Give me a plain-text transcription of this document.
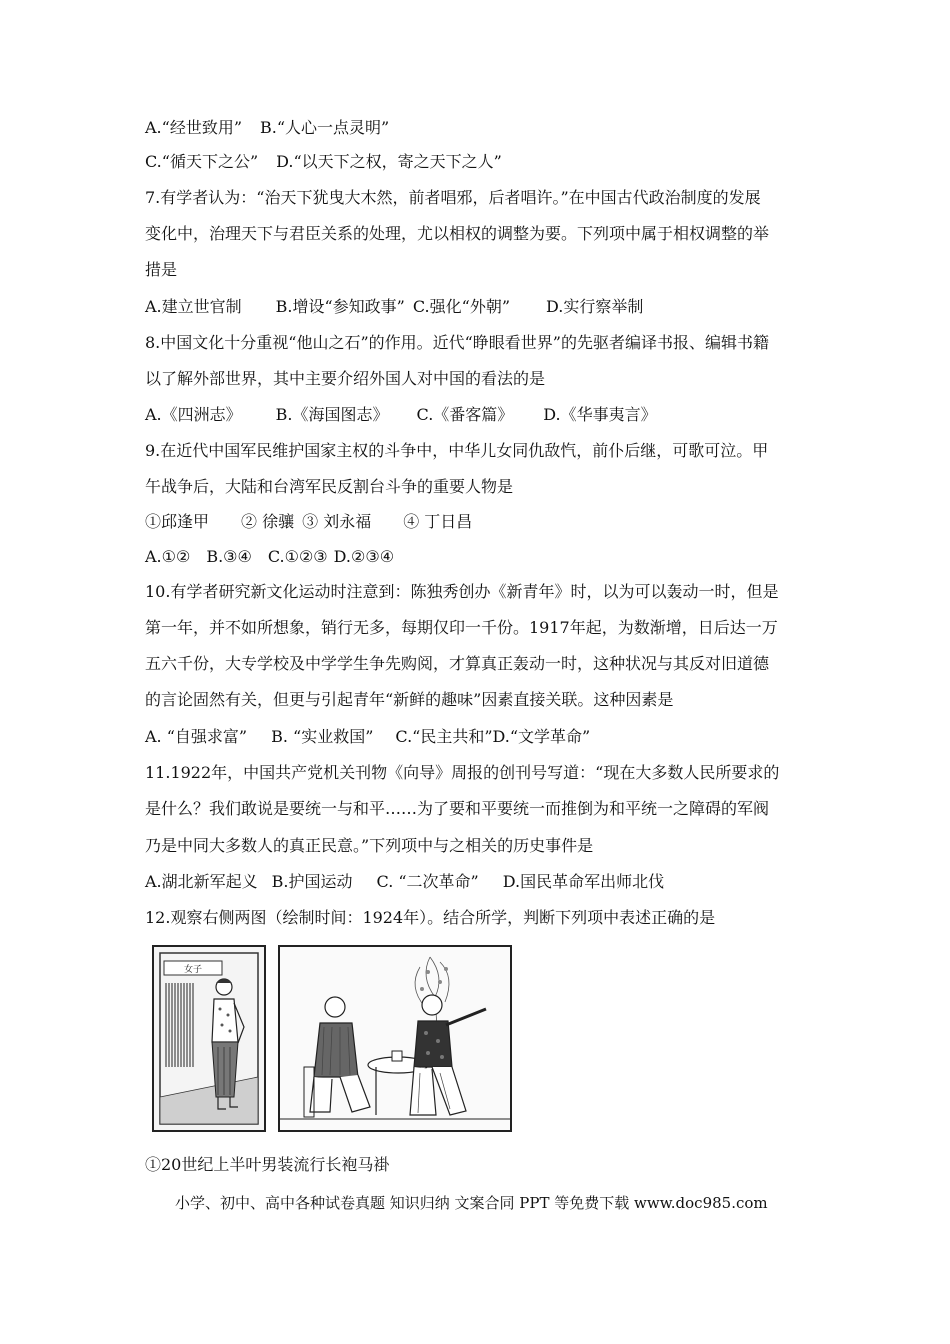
A.“经世致用” B.“人心一点灵明”
C.“循天下之公” D.“以天下之权，寄之天下之人”
7.有学者认为：“治天下犹曳大木然，前者唱邪，后者唱许。”在中国古代政治制度的发展
变化中，治理天下与君臣关系的处理，尤以相权的调整为要。下列项中属于相权调整的举
措是
A.建立世官制 B.增设“参知政事” C.强化“外朝” D.实行察举制
8.中国文化十分重视“他山之石”的作用。近代“睁眼看世界”的先驱者编译书报、编辑书籍
以了解外部世界，其中主要介绍外国人对中国的看法的是
A.《四洲志》 B.《海国图志》 C.《番客篇》 D.《华事夷言》
9.在近代中国军民维护国家主权的斗争中，中华儿女同仇敌忾，前仆后继，可歌可泣。甲
午战争后，大陆和台湾军民反割台斗争的重要人物是
①邱逢甲 ② 徐骧 ③ 刘永福 ④ 丁日昌
A.①② B.③④ C.①②③ D.②③④
10.有学者研究新文化运动时注意到：陈独秀创办《新青年》时，以为可以轰动一时，但是
第一年，并不如所想象，销行无多，每期仅印一千份。1917年起，为数渐增，日后达一万
五六千份，大专学校及中学学生争先购阅，才算真正轰动一时，这种状况与其反对旧道德
的言论固然有关，但更与引起青年“新鲜的趣味”因素直接关联。这种因素是
A. “自强求富” B. “实业救国” C.“民主共和”D.“文学革命”
11.1922年，中国共产党机关刊物《向导》周报的创刊号写道：“现在大多数人民所要求的
是什么？我们敢说是要统一与和平……为了要和平要统一而推倒为和平统一之障碍的军阀
乃是中同大多数人的真正民意。”下列项中与之相关的历史事件是
A.湖北新军起义 B.护国运动 C. “二次革命” D.国民革命军出师北伐
12.观察右侧两图（绘制时间：1924年）。结合所学，判断下列项中表述正确的是
女子
①20世纪上半叶男装流行长袍马褂
小学、初中、高中各种试卷真题 知识归纳 文案合同 PPT 等免费下载 www.doc985.com
